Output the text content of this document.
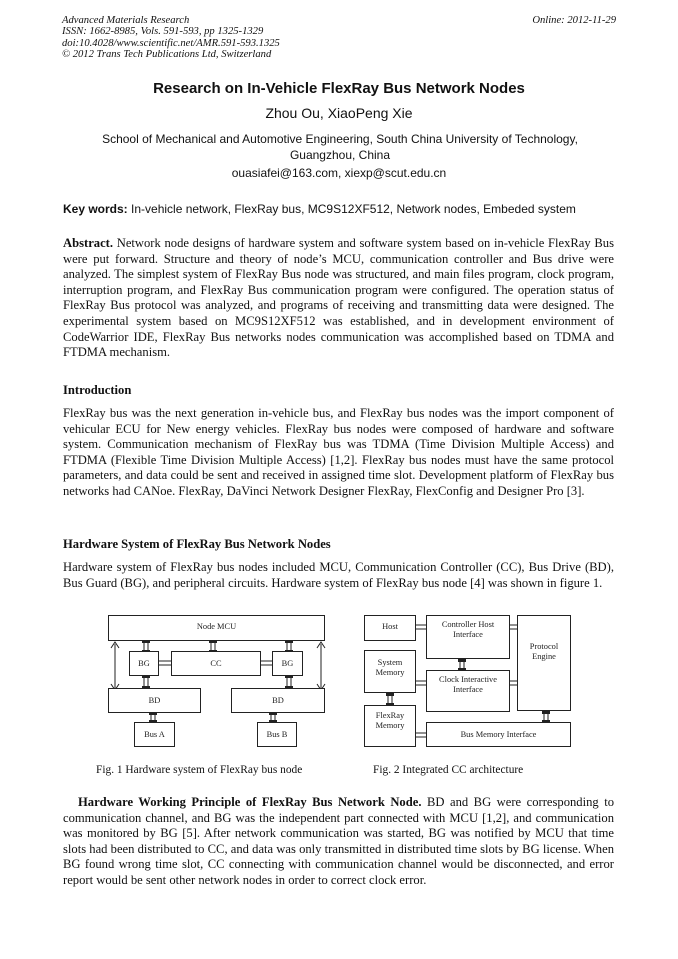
Advanced Materials Research
ISSN: 1662-8985, Vols. 591-593, pp 1325-1329
doi:10.4028/www.scientific.net/AMR.591-593.1325
© 2012 Trans Tech Publications Ltd, Switzerland
Online: 2012-11-29
Research on In-Vehicle FlexRay Bus Network Nodes
Zhou Ou, XiaoPeng Xie
School of Mechanical and Automotive Engineering, South China University of Technology, Guangzhou, China
ouasiafei@163.com, xiexp@scut.edu.cn
Key words: In-vehicle network, FlexRay bus, MC9S12XF512, Network nodes, Embeded system

Abstract. Network node designs of hardware system and software system based on in-vehicle FlexRay Bus were put forward. Structure and theory of node’s MCU, communication controller and Bus drive were analyzed. The simplest system of FlexRay Bus node was structured, and main files program, clock program, interruption program, and FlexRay Bus communication program were configured. The operation status of FlexRay Bus protocol was analyzed, and programs of receiving and transmitting data were designed. The experimental system based on MC9S12XF512 was established, and in development environment of CodeWarrior IDE, FlexRay Bus networks nodes communication was accomplished based on TDMA and FTDMA mechanism.

Introduction

FlexRay bus was the next generation in-vehicle bus, and FlexRay bus nodes was the import component of vehicular ECU for New energy vehicles. FlexRay bus nodes were composed of hardware and software system. Communication mechanism of FlexRay bus was TDMA (Time Division Multiple Access) and FTDMA (Flexible Time Division Multiple Access) [1,2]. FlexRay bus nodes must have the same protocol parameters, and data could be sent and received in assigned time slot. Development platform of FlexRay bus networks had CANoe. FlexRay, DaVinci Network Designer FlexRay, FlexConfig and Designer Pro [3].

Hardware System of FlexRay Bus Network Nodes

Hardware system of FlexRay bus nodes included MCU, Communication Controller (CC), Bus Drive (BD), Bus Guard (BG), and peripheral circuits. Hardware system of FlexRay bus node [4] was shown in figure 1.

Node MCU
BG	CC	BG
BD	BD
Bus A	Bus B
Fig. 1 Hardware system of FlexRay bus node
Host	Controller Host Interface
Protocol Engine
System Memory
Clock Interactive Interface
FlexRay Memory
Bus Memory Interface
Fig. 2 Integrated CC architecture

Hardware Working Principle of FlexRay Bus Network Node. BD and BG were corresponding to communication channel, and BG was the independent part connected with MCU [1,2], and communication was monitored by BG [5]. After network communication was started, BG was notified by MCU that time slots had been distributed to CC, and data was only transmitted in distributed time slots by BG license. When BG found wrong time slot, CC connecting with communication channel would be disconnected, and error report would be sent other network nodes in order to correct clock error.
